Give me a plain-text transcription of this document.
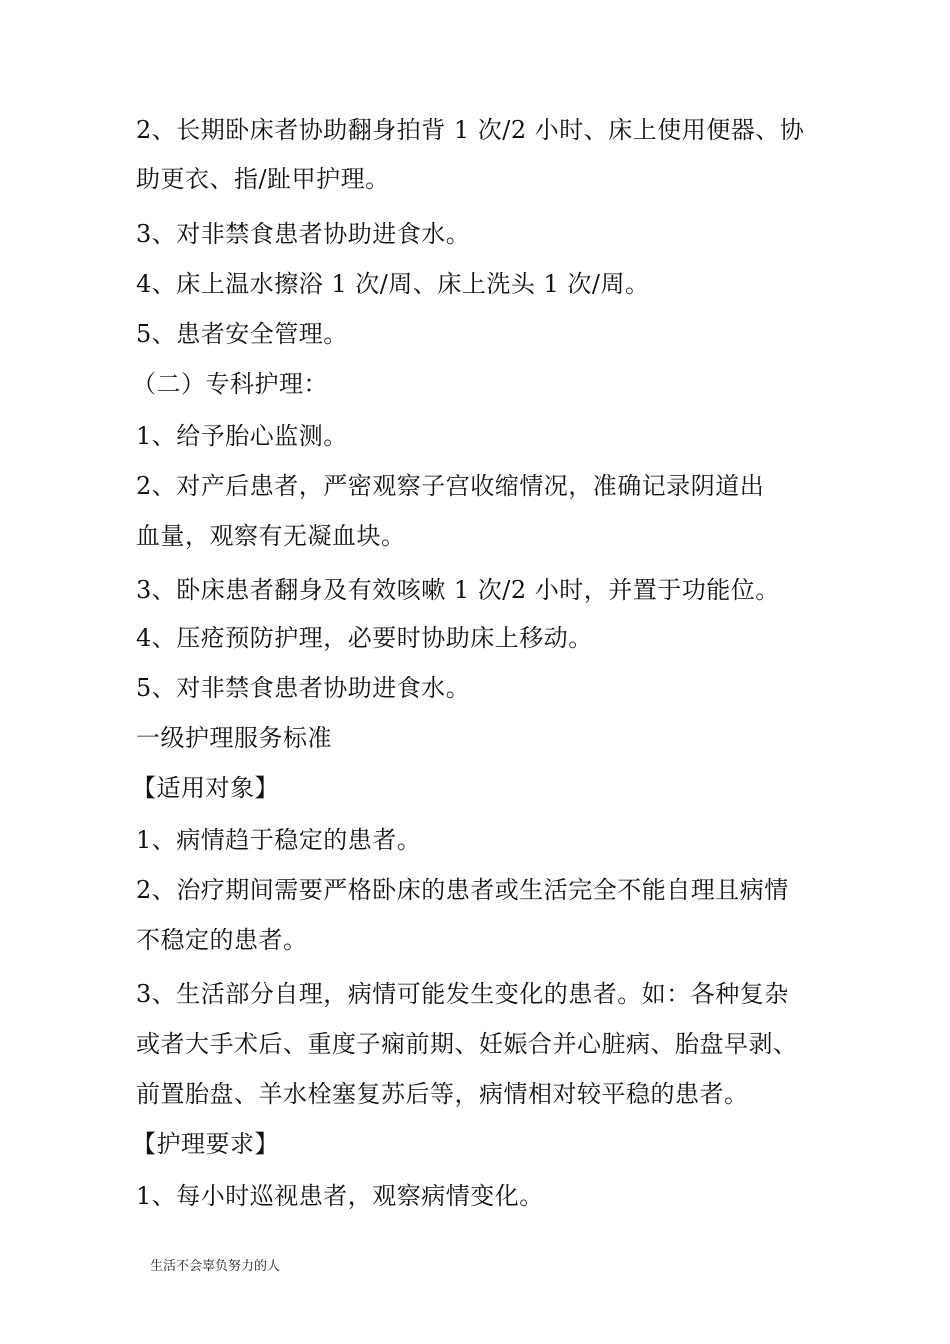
2、长期卧床者协助翻身拍背 1 次/2 小时、床上使用便器、协
助更衣、指/趾甲护理。
3、对非禁食患者协助进食水。
4、床上温水擦浴 1 次/周、床上洗头 1 次/周。
5、患者安全管理。
（二）专科护理：
1、给予胎心监测。
2、对产后患者，严密观察子宫收缩情况，准确记录阴道出
血量，观察有无凝血块。
3、卧床患者翻身及有效咳嗽 1 次/2 小时，并置于功能位。
4、压疮预防护理，必要时协助床上移动。
5、对非禁食患者协助进食水。
一级护理服务标准
【适用对象】
1、病情趋于稳定的患者。
2、治疗期间需要严格卧床的患者或生活完全不能自理且病情
不稳定的患者。
3、生活部分自理，病情可能发生变化的患者。如：各种复杂
或者大手术后、重度子痫前期、妊娠合并心脏病、胎盘早剥、
前置胎盘、羊水栓塞复苏后等，病情相对较平稳的患者。
【护理要求】
1、每小时巡视患者，观察病情变化。
生活不会辜负努力的人
